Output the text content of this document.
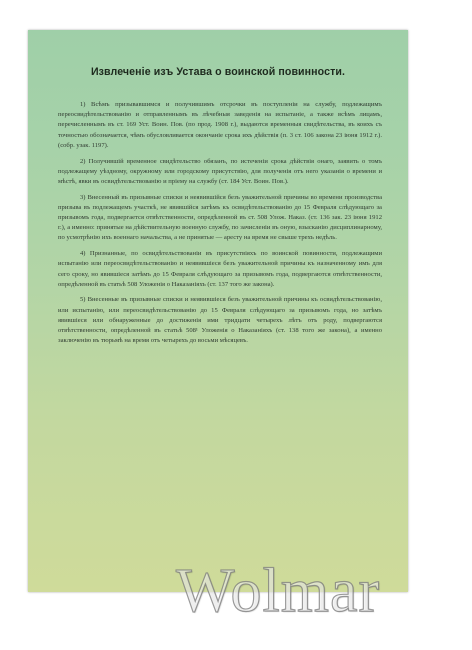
Извлеченіе изъ Устава о воинской повинности.

1) Всѣмъ призывавшимся и получившимъ отсрочки въ поступленіи на службу, подлежащимъ переосвидѣтельствованію и отправленнымъ въ лѣчебныя заведенія на испытаніе, а также всѣмъ лицамъ, перечисленнымъ въ ст. 169 Уст. Воин. Пов. (по прод. 1908 г.), выдаются временныя свидѣтельства, въ коихъ съ точностью обозначается, чѣмъ обусловливается окончаніе срока ихъ дѣйствія (п. 3 ст. 106 закона 23 іюня 1912 г.). (собр. узак. 1197).

2) Получившій временное свидѣтельство обязанъ, по истеченіи срока дѣйствія онаго, заявить о томъ подлежащему уѣздному, окружному или городскому присутствію, для полученія отъ него указанія о времени и мѣстѣ, явки въ освидѣтельствованію и пріему на службу (ст. 184 Уст. Воин. Пов.).

3) Внесенный въ призывные списки и неявившійся безъ уважительной причины во времени производства призыва въ подлежащемъ участкѣ, не явившійся затѣмъ къ освидѣтельствованію до 15 Февраля слѣдующаго за призывомъ года, подвергается отвѣтственности, опредѣленной въ ст. 508 Улож. Наказ. (ст. 136 зак. 23 іюня 1912 г.), а именно: принятые на дѣйствительную военную службу, по зачисленіи въ оную, взысканію дисциплинарному, по усмотрѣнію ихъ военнаго начальства, а не принятые — аресту на время не свыше трехъ недѣль.

4) Признанные, по освидѣтельствованіи въ присутствіяхъ по воинской повинности, подлежащими испытанію или переосвидѣтельствованію и неявившіеся безъ уважительной причины къ назначенному имъ для сего сроку, но явившіеся затѣмъ до 15 Февраля слѣдующаго за призывомъ года, подвергаются отвѣтственности, опредѣленной въ статьѣ 508 Уложенія о Наказаніяхъ (ст. 137 того же закона).

5) Внесенные въ призывные списки и неявившіеся безъ уважительной причины къ освидѣтельствованію, или испытанію, или переосвидѣтельствованію до 15 Февраля слѣдующаго за призывомъ года, но затѣмъ явившіеся или обнаруженные до достиженія ими тридцати четырехъ лѣтъ отъ роду, подвергаются отвѣтственности, опредѣленной въ статьѣ 508¹ Уложенія о Наказаніяхъ (ст. 138 того же закона), а именно заключенію въ тюрьмѣ на время отъ четырехъ до восьми мѣсяцевъ.

Wolmar
